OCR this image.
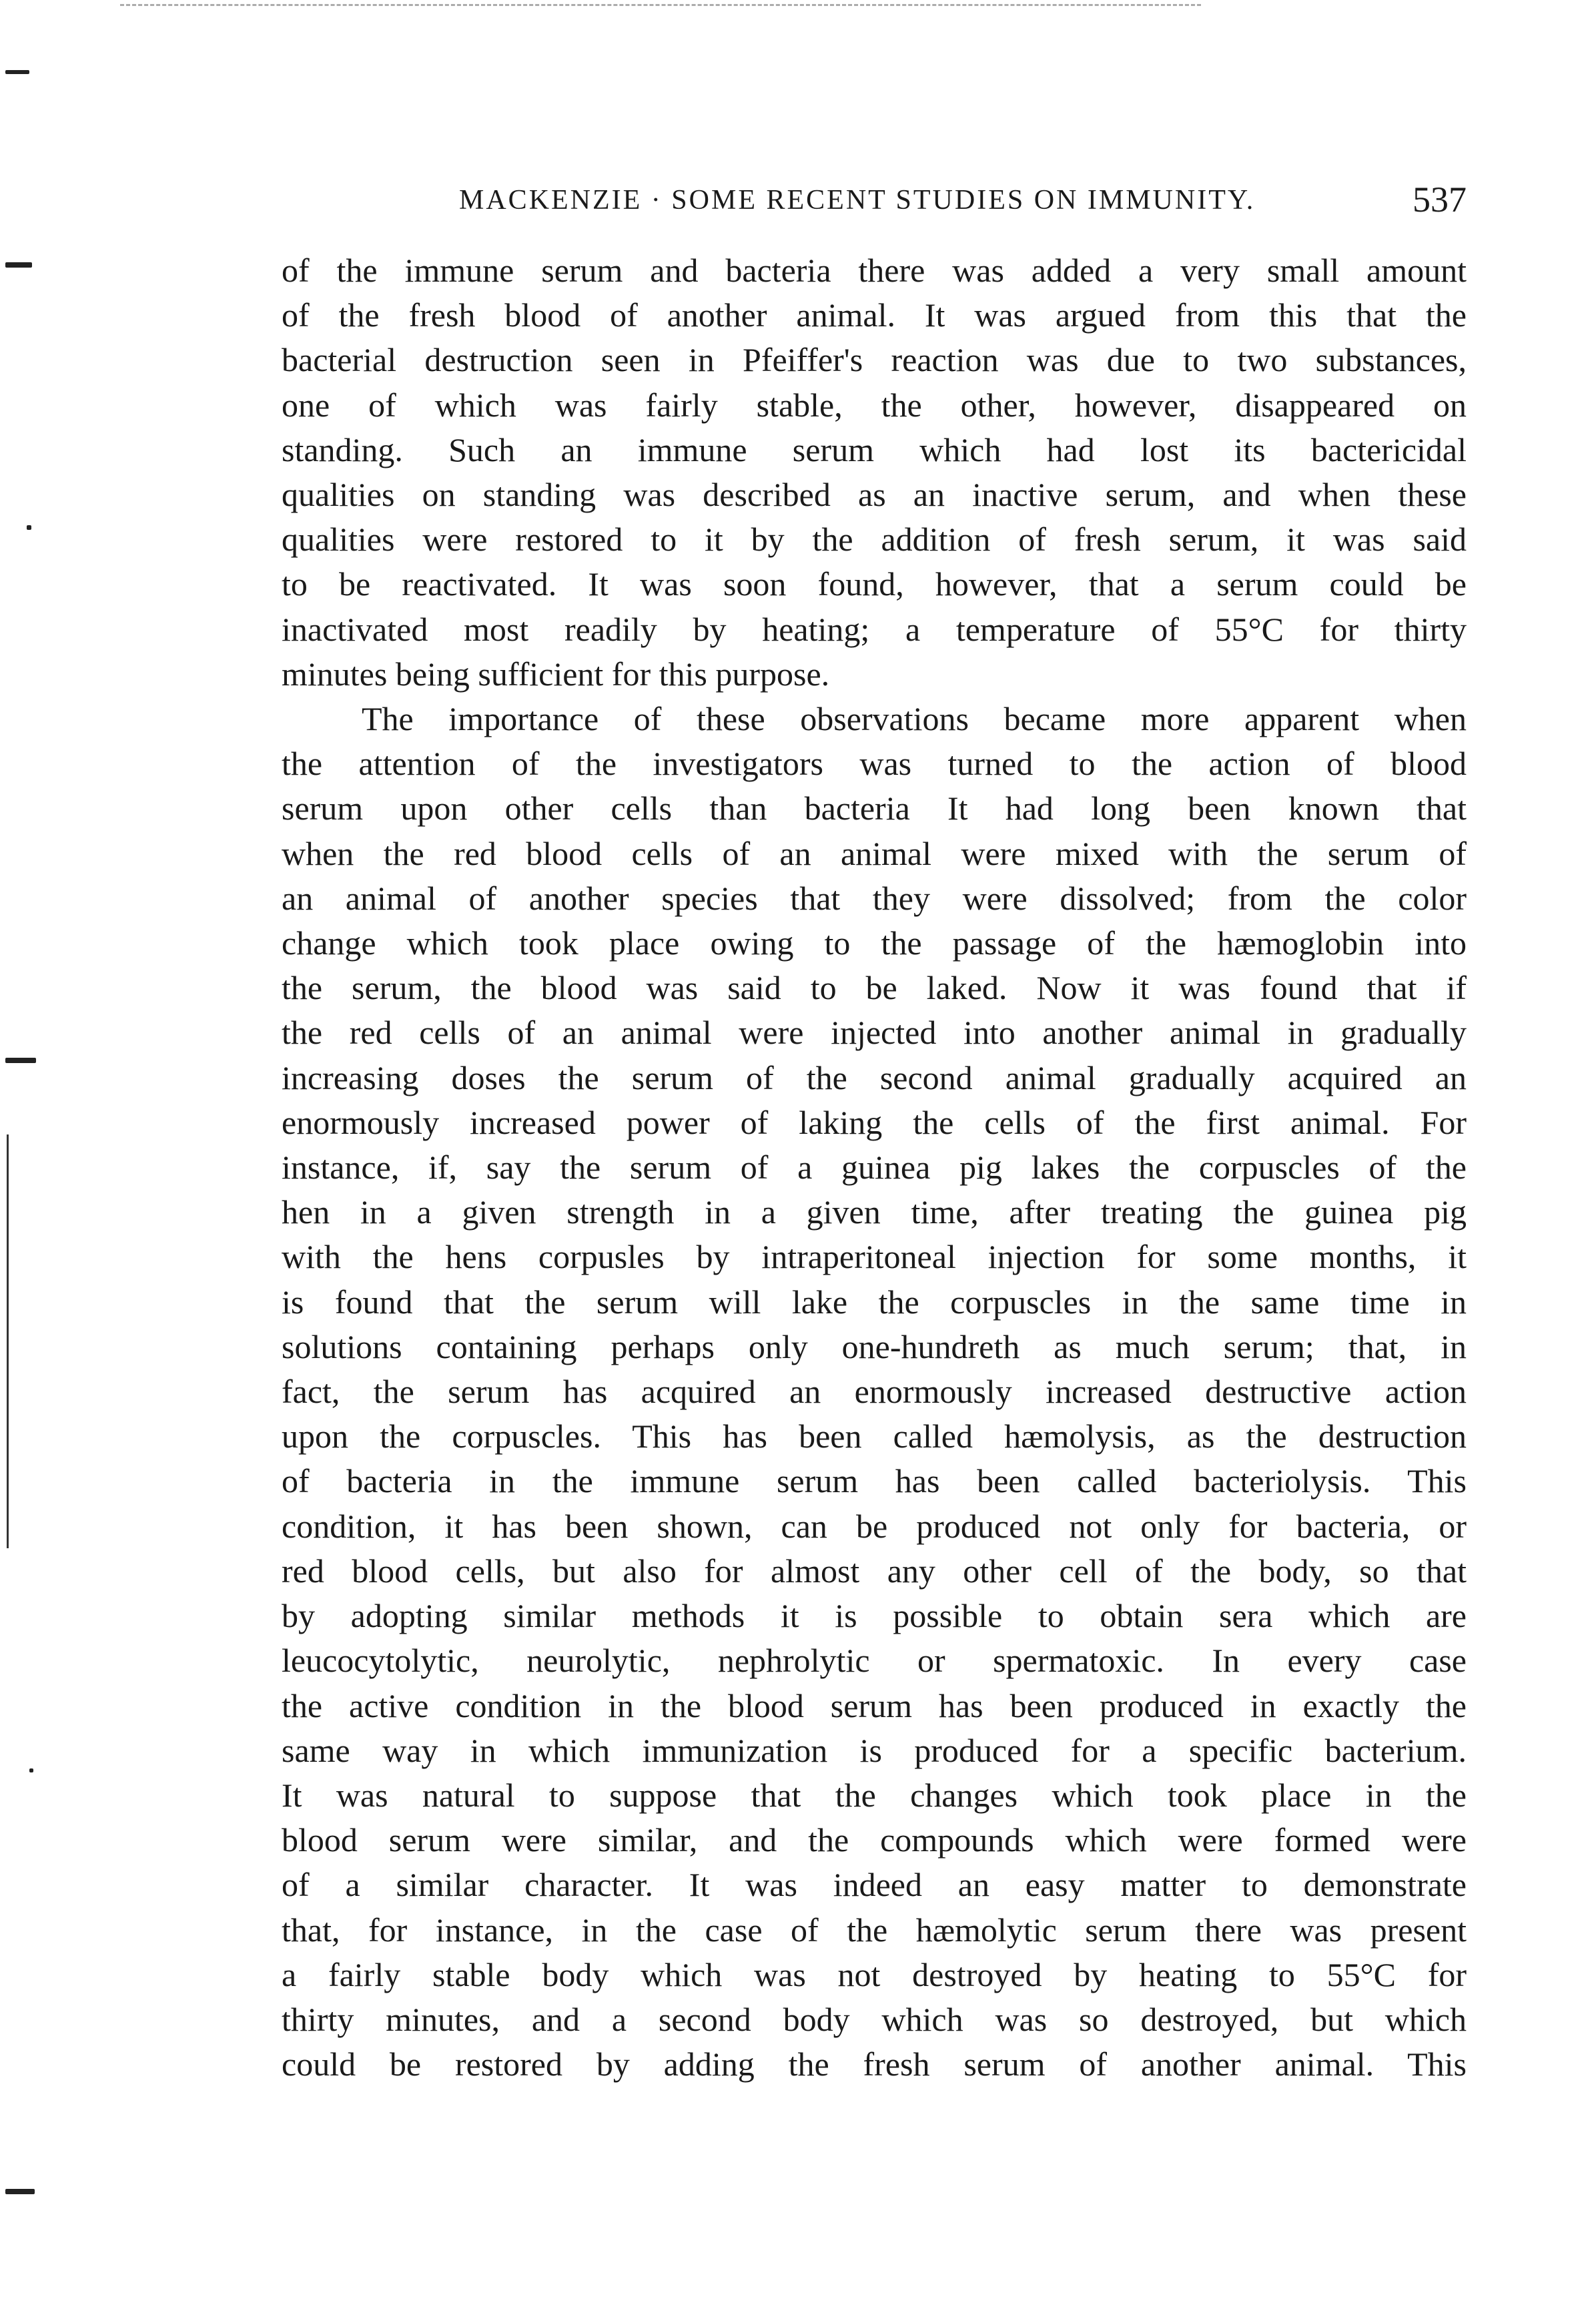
MACKENZIE · SOME RECENT STUDIES ON IMMUNITY.	537

of the immune serum and bacteria there was added a very small amount

of the fresh blood of another animal. It was argued from this that the

bacterial destruction seen in Pfeiffer's reaction was due to two substances,

one of which was fairly stable, the other, however, disappeared on

standing. Such an immune serum which had lost its bactericidal

qualities on standing was described as an inactive serum, and when these

qualities were restored to it by the addition of fresh serum, it was said

to be reactivated. It was soon found, however, that a serum could be

inactivated most readily by heating; a temperature of 55°C for thirty

minutes being sufficient for this purpose.

The importance of these observations became more apparent when

the attention of the investigators was turned to the action of blood

serum upon other cells than bacteria It had long been known that

when the red blood cells of an animal were mixed with the serum of

an animal of another species that they were dissolved; from the color

change which took place owing to the passage of the hæmoglobin into

the serum, the blood was said to be laked. Now it was found that if

the red cells of an animal were injected into another animal in gradually

increasing doses the serum of the second animal gradually acquired an

enormously increased power of laking the cells of the first animal. For

instance, if, say the serum of a guinea pig lakes the corpuscles of the

hen in a given strength in a given time, after treating the guinea pig

with the hens corpusles by intraperitoneal injection for some months, it

is found that the serum will lake the corpuscles in the same time in

solutions containing perhaps only one-hundreth as much serum; that, in

fact, the serum has acquired an enormously increased destructive action

upon the corpuscles. This has been called hæmolysis, as the destruction

of bacteria in the immune serum has been called bacteriolysis. This

condition, it has been shown, can be produced not only for bacteria, or

red blood cells, but also for almost any other cell of the body, so that

by adopting similar methods it is possible to obtain sera which are

leucocytolytic, neurolytic, nephrolytic or spermatoxic. In every case

the active condition in the blood serum has been produced in exactly the

same way in which immunization is produced for a specific bacterium.

It was natural to suppose that the changes which took place in the

blood serum were similar, and the compounds which were formed were

of a similar character. It was indeed an easy matter to demonstrate

that, for instance, in the case of the hæmolytic serum there was present

a fairly stable body which was not destroyed by heating to 55°C for

thirty minutes, and a second body which was so destroyed, but which

could be restored by adding the fresh serum of another animal. This
